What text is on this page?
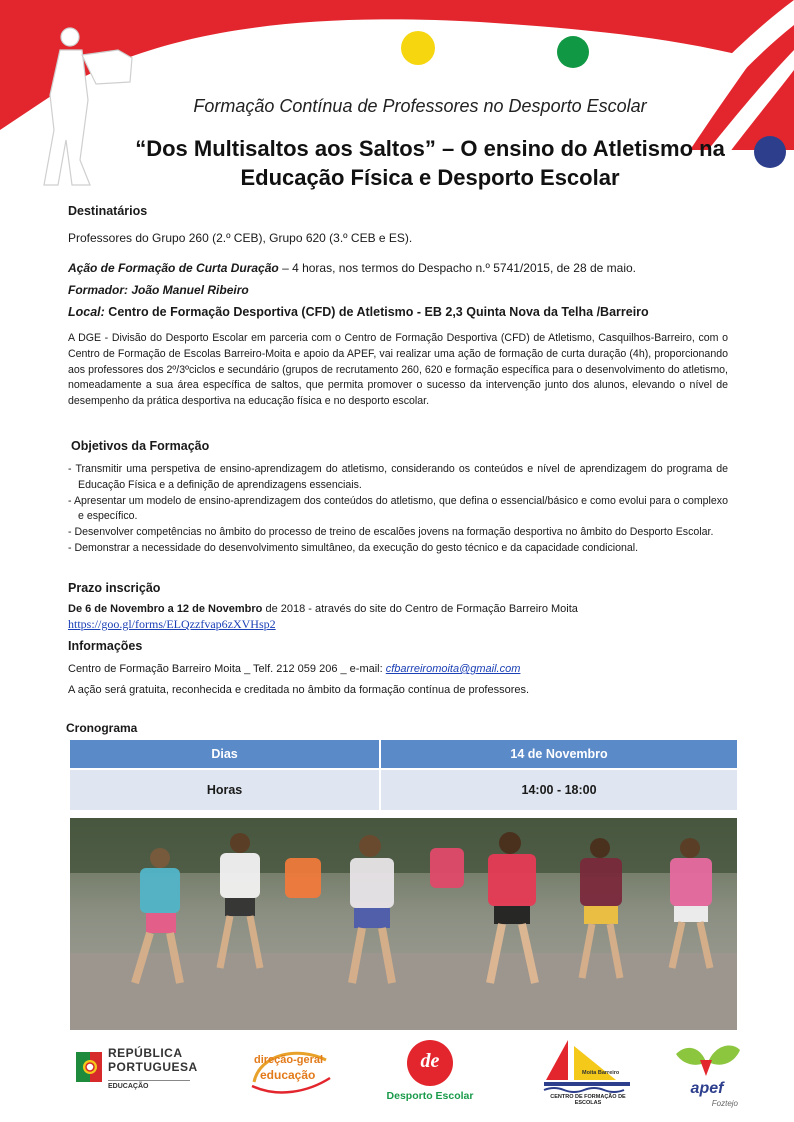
Formação Contínua de Professores no Desporto Escolar
“Dos Multisaltos aos Saltos” – O ensino do Atletismo na
Educação Física e Desporto Escolar
Destinatários
Professores do Grupo 260 (2.º CEB), Grupo 620 (3.º CEB e ES).
Ação de Formação de Curta Duração – 4 horas, nos termos do Despacho n.º 5741/2015, de 28 de maio.
Formador: João Manuel Ribeiro
Local: Centro de Formação Desportiva (CFD) de Atletismo - EB 2,3 Quinta Nova da Telha /Barreiro
A DGE - Divisão do Desporto Escolar em parceria com o Centro de Formação Desportiva (CFD) de Atletismo, Casquilhos-Barreiro, com o Centro de Formação de Escolas Barreiro-Moita e apoio da APEF, vai realizar uma ação de formação de curta duração (4h), proporcionando aos professores dos 2º/3ºciclos e secundário (grupos de recrutamento 260, 620 e formação específica para o desenvolvimento do atletismo, nomeadamente a sua área específica de saltos, que permita promover o sucesso da intervenção junto dos alunos, elevando o nível de desempenho da prática desportiva na educação física e no desporto escolar.
Objetivos da Formação
- Transmitir uma perspetiva de ensino-aprendizagem do atletismo, considerando os conteúdos e nível de aprendizagem do programa de Educação Física e a definição de aprendizagens essenciais.
- Apresentar um modelo de ensino-aprendizagem dos conteúdos do atletismo, que defina o essencial/básico e como evolui para o complexo e específico.
- Desenvolver competências no âmbito do processo de treino de escalões jovens na formação desportiva no âmbito do Desporto Escolar.
- Demonstrar a necessidade do desenvolvimento simultâneo, da execução do gesto técnico e da capacidade condicional.
Prazo inscrição
De 6 de Novembro a 12 de Novembro de 2018 - através do site do Centro de Formação Barreiro Moita
https://goo.gl/forms/ELQzzfvap6zXVHsp2
Informações
Centro de Formação Barreiro Moita _ Telf. 212 059 206 _ e-mail: cfbarreiromoita@gmail.com
A ação será gratuita, reconhecida e creditada no âmbito da formação contínua de professores.
Cronograma
Dias	14 de Novembro
Horas	14:00 - 18:00
REPÚBLICA
PORTUGUESA
EDUCAÇÃO
direção-geral
educação
de
Desporto Escolar
Moita Barreiro
CENTRO DE FORMAÇÃO DE ESCOLAS
apef
Foztejo
